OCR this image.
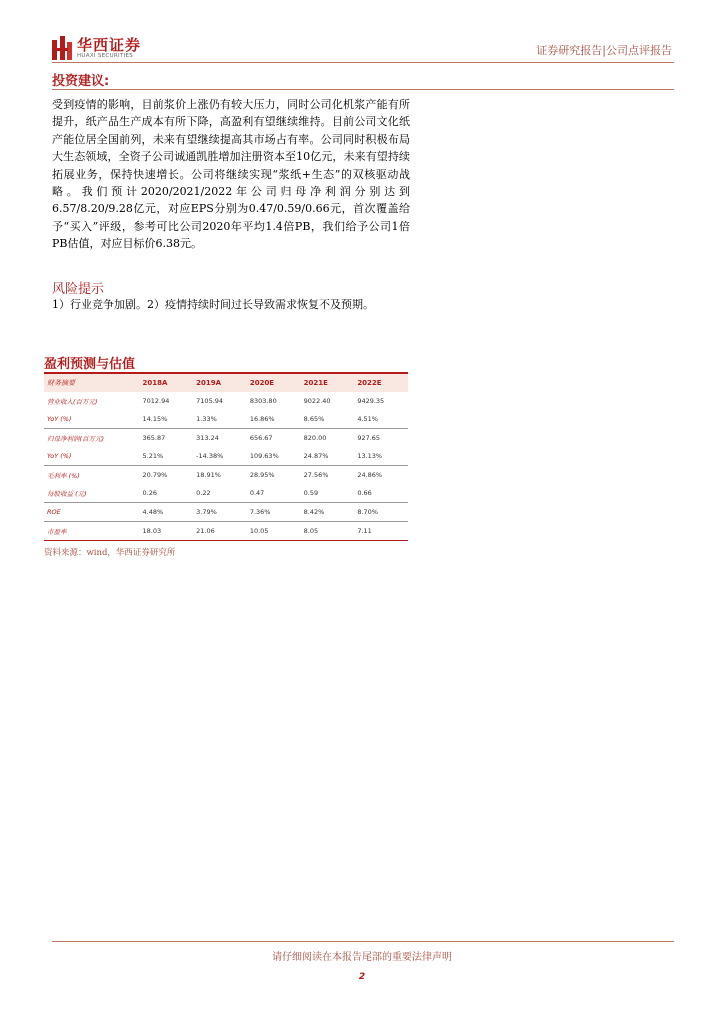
华西证券
HUAXI SECURITIES	证券研究报告|公司点评报告
投资建议:
受到疫情的影响，目前浆价上涨仍有较大压力，同时公司化机浆产能有所提升，纸产品生产成本有所下降，高盈利有望继续维持。目前公司文化纸产能位居全国前列，未来有望继续提高其市场占有率。公司同时积极布局大生态领域，全资子公司诚通凯胜增加注册资本至10亿元，未来有望持续拓展业务，保持快速增长。公司将继续实现“浆纸+生态”的双核驱动战略。我们预计2020/2021/2022年公司归母净利润分别达到6.57/8.20/9.28亿元，对应EPS分别为0.47/0.59/0.66元，首次覆盖给予“买入”评级，参考可比公司2020年平均1.4倍PB，我们给予公司1倍PB估值，对应目标价6.38元。
风险提示
1）行业竞争加剧。2）疫情持续时间过长导致需求恢复不及预期。
盈利预测与估值
财务摘要	2018A	2019A	2020E	2021E	2022E
营业收入(百万元)	7012.94	7105.94	8303.80	9022.40	9429.35
YoY (%)	14.15%	1.33%	16.86%	8.65%	4.51%
归母净利润(百万元)	365.87	313.24	656.67	820.00	927.65
YoY (%)	5.21%	-14.38%	109.63%	24.87%	13.13%
毛利率 (%)	20.79%	18.91%	28.95%	27.56%	24.86%
每股收益 (元)	0.26	0.22	0.47	0.59	0.66
ROE	4.48%	3.79%	7.36%	8.42%	8.70%
市盈率	18.03	21.06	10.05	8.05	7.11
资料来源：wind，华西证券研究所
请仔细阅读在本报告尾部的重要法律声明
2
